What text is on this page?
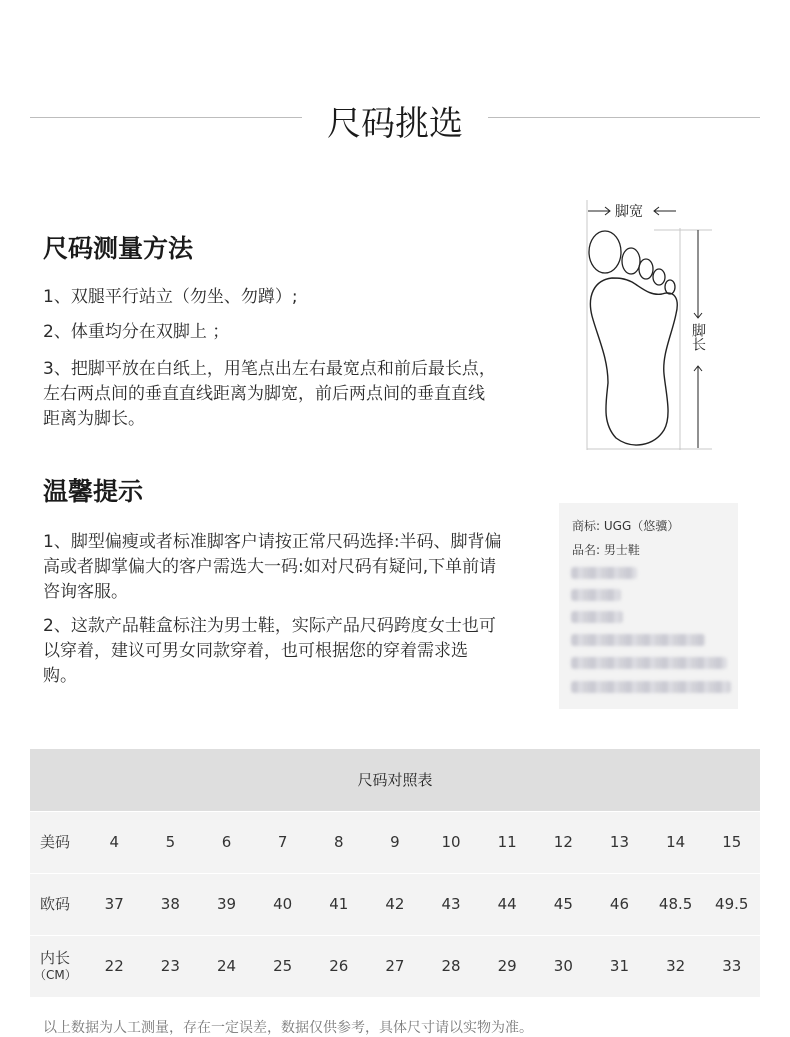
尺码挑选
尺码测量方法
1、双腿平行站立（勿坐、勿蹲）;
2、体重均分在双脚上 ；
3、把脚平放在白纸上，用笔点出左右最宽点和前后最长点，左右两点间的垂直直线距离为脚宽，前后两点间的垂直直线距离为脚长。
脚宽
脚长
温馨提示
1、脚型偏瘦或者标准脚客户请按正常尺码选择:半码、脚背偏高或者脚掌偏大的客户需选大一码:如对尺码有疑问,下单前请咨询客服。
2、这款产品鞋盒标注为男士鞋，实际产品尺码跨度女士也可以穿着，建议可男女同款穿着，也可根据您的穿着需求选购。
商标: UGG（悠骥）
品名: 男士鞋
尺码对照表
美码	4	5	6	7	8	9	10	11	12	13	14	15
欧码	37	38	39	40	41	42	43	44	45	46	48.5	49.5
内长
（CM）	22	23	24	25	26	27	28	29	30	31	32	33
以上数据为人工测量，存在一定误差，数据仅供参考，具体尺寸请以实物为准。
